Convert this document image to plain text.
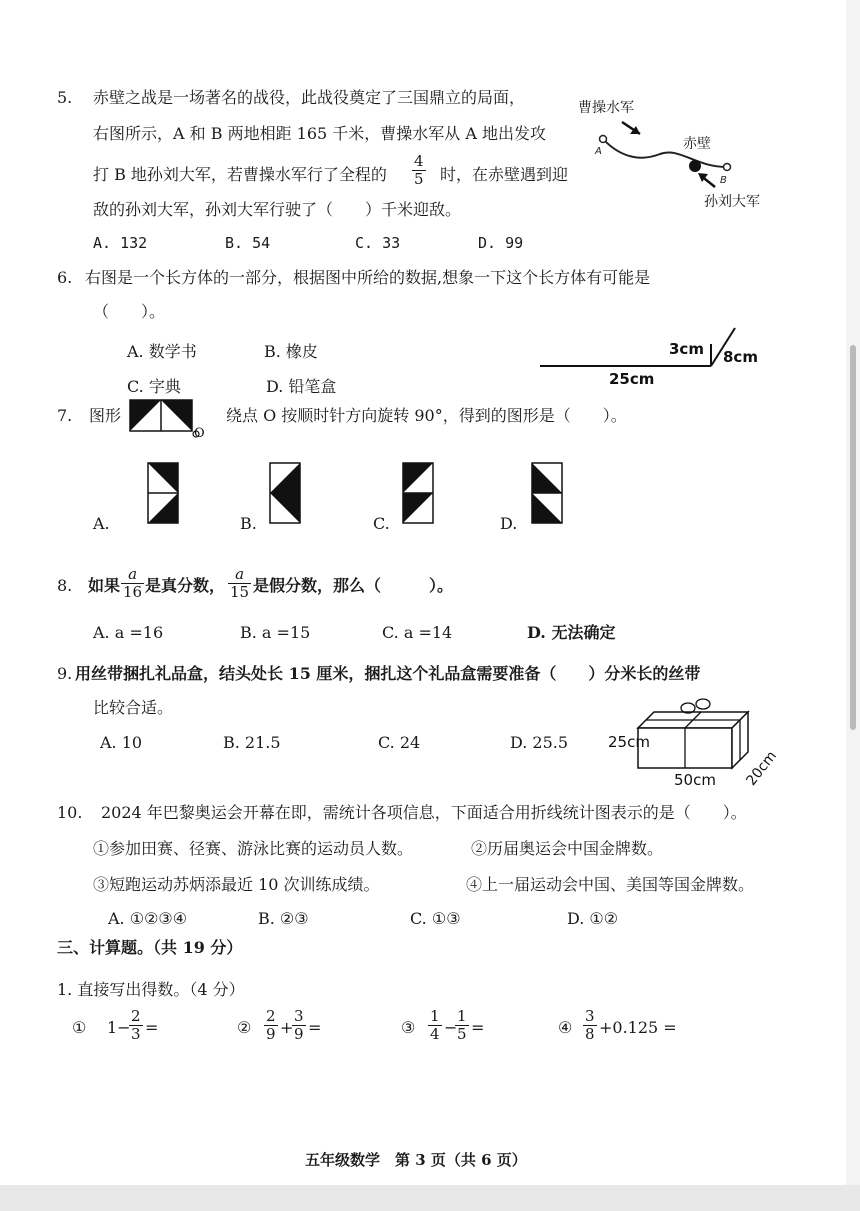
5. 赤壁之战是一场著名的战役，此战役奠定了三国鼎立的局面，
右图所示，A 和 B 两地相距 165 千米，曹操水军从 A 地出发攻
打 B 地孙刘大军，若曹操水军行了全程的
4
5 时，在赤壁遇到迎
敌的孙刘大军，孙刘大军行驶了（　　）千米迎敌。
A. 132	B. 54	C. 33	D. 99
曹操水军
A	赤壁
B
孙刘大军
6. 右图是一个长方体的一部分，根据图中所给的数据,想象一下这个长方体有可能是
（　　）。
A. 数学书	B. 橡皮
C. 字典	D. 铅笔盒	25cm
3cm 8cm
7. 图形
O
绕点 O 按顺时针方向旋转 90°，得到的图形是（　　）。
A.	B.	C.	D.
8. 如果
a
16 是真分数，
a
15 是假分数，那么（　　　）。
A. a =16	B. a =15	C. a =14	D. 无法确定
9. 用丝带捆扎礼品盒，结头处长 15 厘米，捆扎这个礼品盒需要准备（　　）分米长的丝带
比较合适。
A. 10	B. 21.5	C. 24	D. 25.5	25cm
50cm 20cm
10. 2024 年巴黎奥运会开幕在即，需统计各项信息，下面适合用折线统计图表示的是（　　）。
①参加田赛、径赛、游泳比赛的运动员人数。	②历届奥运会中国金牌数。
③短跑运动苏炳添最近 10 次训练成绩。	④上一届运动会中国、美国等国金牌数。
A. ①②③④	B. ②③	C. ①③	D. ①②
三、计算题。（共 19 分）
1. 直接写出得数。（4 分）
① 1−
2
3 =	②
2
9 +
3
9 =	③
1
4 −
1
5 =	④
3
8 +0.125 =
五年级数学　第 3 页（共 6 页）
